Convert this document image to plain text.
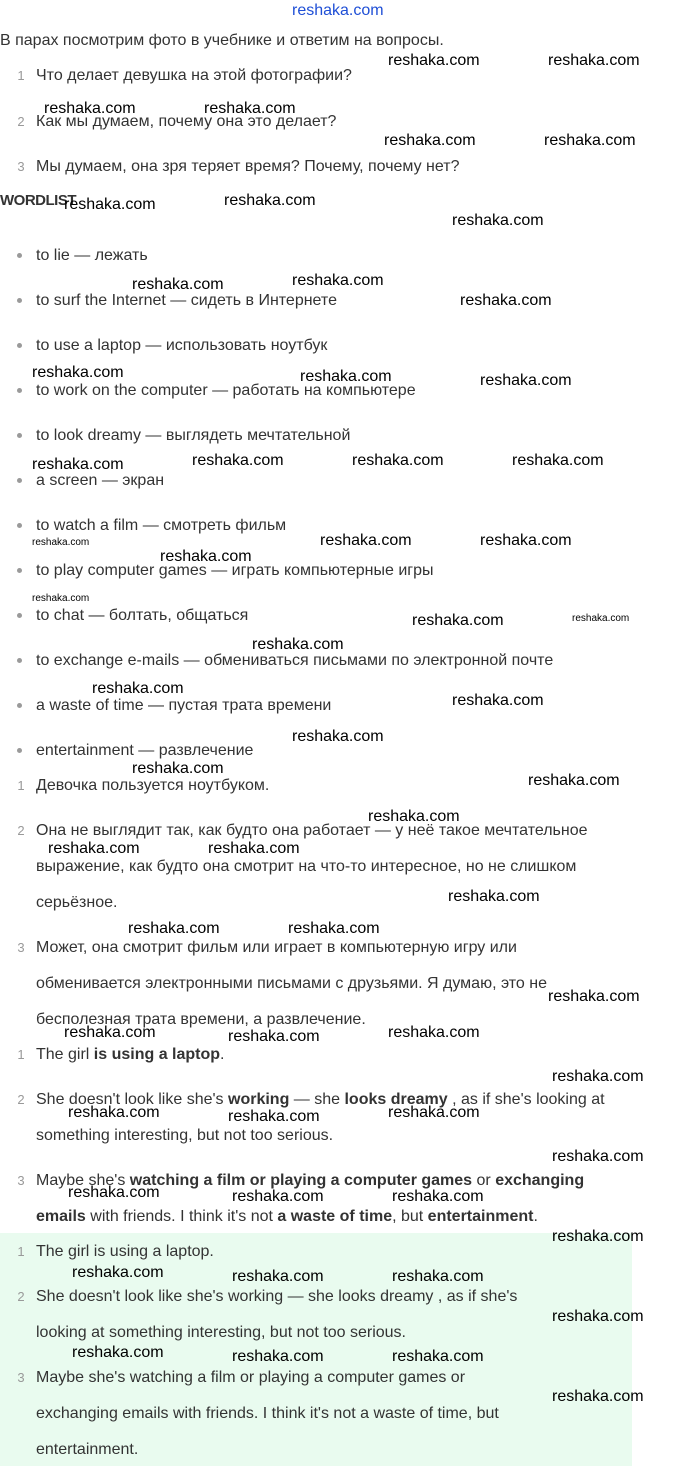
reshaka.com
В парах посмотрим фото в учебнике и ответим на вопросы.
1 Что делает девушка на этой фотографии?
2 Как мы думаем, почему она это делает?
3 Мы думаем, она зря теряет время? Почему, почему нет?
WORDLIST
to lie — лежать
to surf the Internet — сидеть в Интернете
to use a laptop — использовать ноутбук
to work on the computer — работать на компьютере
to look dreamy — выглядеть мечтательной
a screen — экран
to watch a film — смотреть фильм
to play computer games — играть компьютерные игры
to chat — болтать, общаться
to exchange e-mails — обмениваться письмами по электронной почте
a waste of time — пустая трата времени
entertainment — развлечение
1 Девочка пользуется ноутбуком.
2 Она не выглядит так, как будто она работает — у неё такое мечтательное
выражение, как будто она смотрит на что-то интересное, но не слишком
серьёзное.
3 Может, она смотрит фильм или играет в компьютерную игру или
обменивается электронными письмами с друзьями. Я думаю, это не
бесполезная трата времени, а развлечение.
1 The girl is using a laptop.
2 She doesn't look like she's working — she looks dreamy , as if she's looking at
something interesting, but not too serious.
3 Maybe she's watching a film or playing a computer games or exchanging
emails with friends. I think it's not a waste of time, but entertainment.
1 The girl is using a laptop.
2 She doesn't look like she's working — she looks dreamy , as if she's
looking at something interesting, but not too serious.
3 Maybe she's watching a film or playing a computer games or
exchanging emails with friends. I think it's not a waste of time, but
entertainment.
reshaka.com	reshaka.com
reshaka.com	reshaka.com
reshaka.com	reshaka.com
reshaka.com	reshaka.com
reshaka.com
reshaka.com	reshaka.com
reshaka.com
reshaka.com	reshaka.com	reshaka.com
reshaka.com	reshaka.com	reshaka.com	reshaka.com
reshaka.com
reshaka.com
reshaka.com	reshaka.com
reshaka.com
reshaka.com	reshaka.com
reshaka.com
reshaka.com
reshaka.com
reshaka.com
reshaka.com
reshaka.com
reshaka.com
reshaka.com	reshaka.com
reshaka.com
reshaka.com	reshaka.com
reshaka.com
reshaka.com	reshaka.com	reshaka.com
reshaka.com
reshaka.com	reshaka.com	reshaka.com
reshaka.com
reshaka.com	reshaka.com	reshaka.com
reshaka.com
reshaka.com	reshaka.com	reshaka.com
reshaka.com
reshaka.com	reshaka.com	reshaka.com
reshaka.com
